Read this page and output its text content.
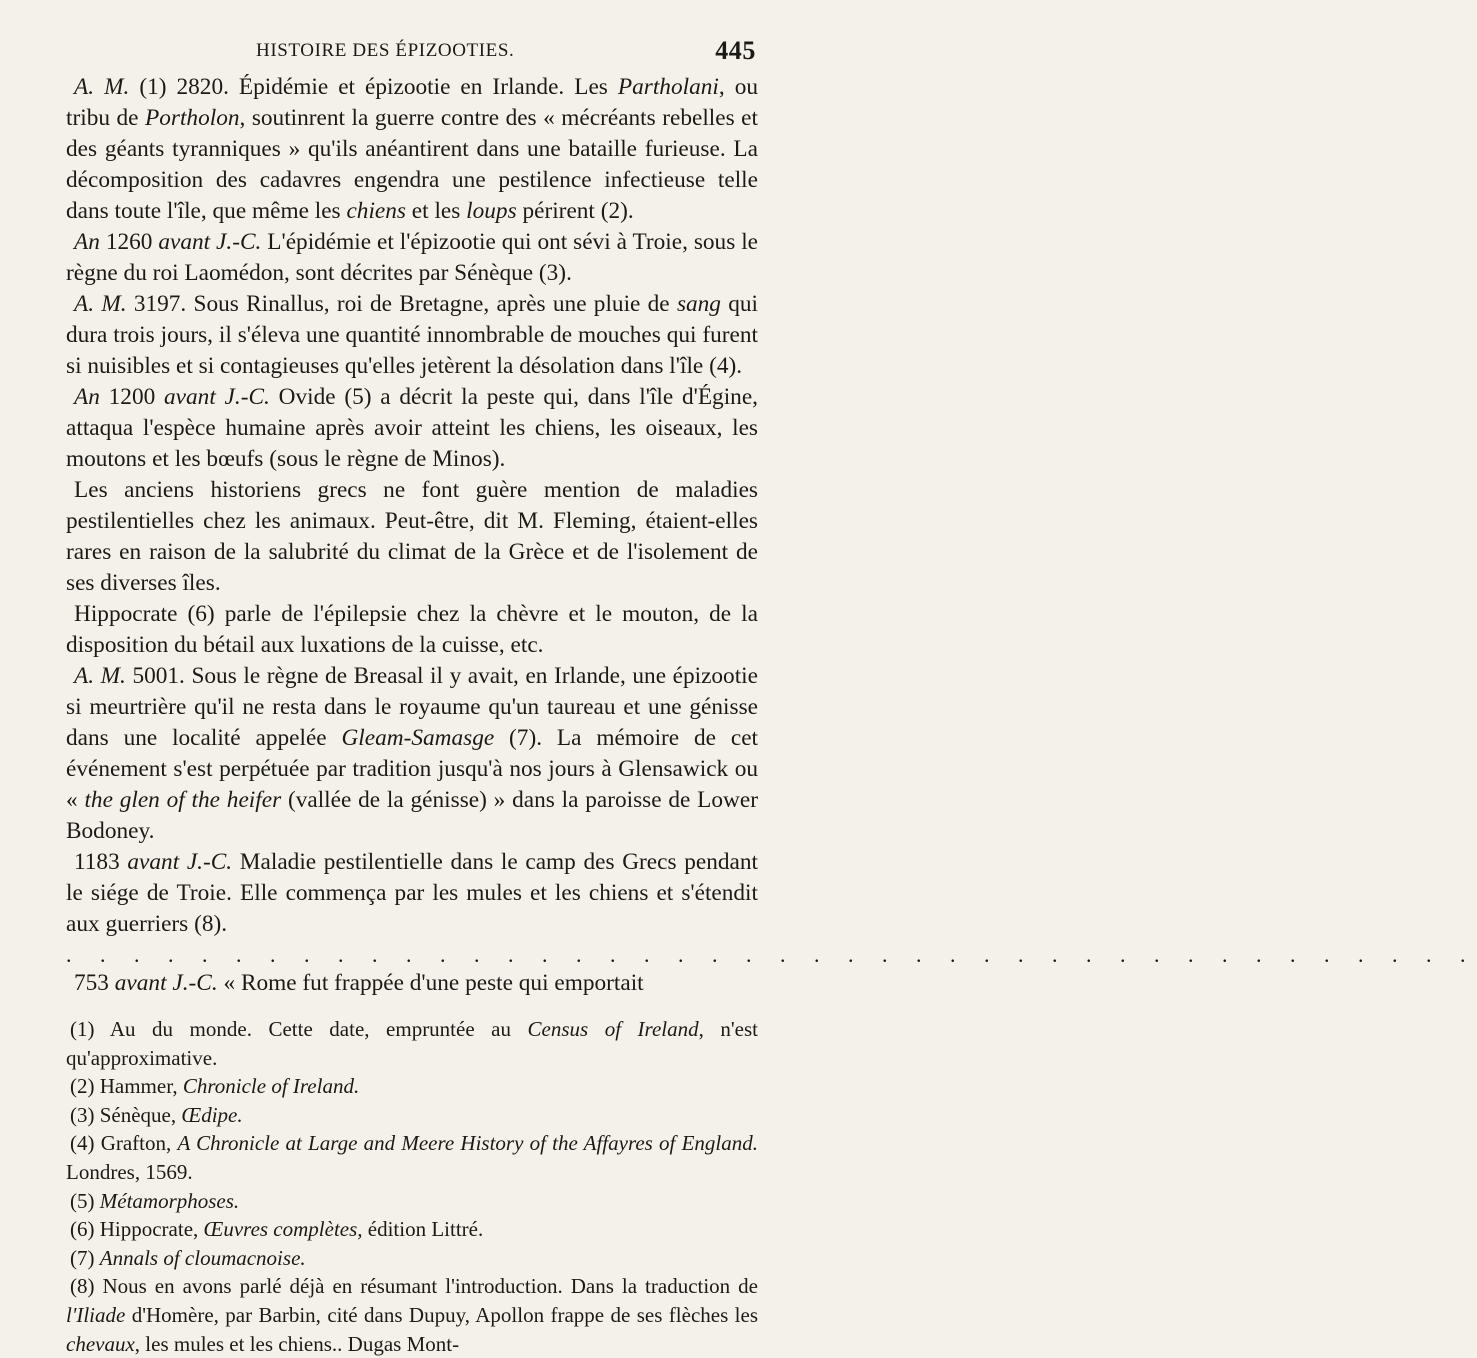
HISTOIRE DES ÉPIZOOTIES.	445

A. M. (1) 2820. Épidémie et épizootie en Irlande. Les Partholani, ou tribu de Portholon, soutinrent la guerre contre des « mécréants rebelles et des géants tyranniques » qu'ils anéantirent dans une bataille furieuse. La décomposition des cadavres engendra une pestilence infectieuse telle dans toute l'île, que même les chiens et les loups périrent (2).

An 1260 avant J.-C. L'épidémie et l'épizootie qui ont sévi à Troie, sous le règne du roi Laomédon, sont décrites par Sénèque (3).

A. M. 3197. Sous Rinallus, roi de Bretagne, après une pluie de sang qui dura trois jours, il s'éleva une quantité innombrable de mouches qui furent si nuisibles et si contagieuses qu'elles jetèrent la désolation dans l'île (4).

An 1200 avant J.-C. Ovide (5) a décrit la peste qui, dans l'île d'Égine, attaqua l'espèce humaine après avoir atteint les chiens, les oiseaux, les moutons et les bœufs (sous le règne de Minos).

Les anciens historiens grecs ne font guère mention de maladies pestilentielles chez les animaux. Peut-être, dit M. Fleming, étaient-elles rares en raison de la salubrité du climat de la Grèce et de l'isolement de ses diverses îles.

Hippocrate (6) parle de l'épilepsie chez la chèvre et le mouton, de la disposition du bétail aux luxations de la cuisse, etc.

A. M. 5001. Sous le règne de Breasal il y avait, en Irlande, une épizootie si meurtrière qu'il ne resta dans le royaume qu'un taureau et une génisse dans une localité appelée Gleam-Samasge (7). La mémoire de cet événement s'est perpétuée par tradition jusqu'à nos jours à Glensawick ou « the glen of the heifer (vallée de la génisse) » dans la paroisse de Lower Bodoney.

1183 avant J.-C. Maladie pestilentielle dans le camp des Grecs pendant le siége de Troie. Elle commença par les mules et les chiens et s'étendit aux guerriers (8).

. . . . . . . . . . . . . . . . . . . . . . . . . . . . . . . . . . . . . . . . . .

753 avant J.-C. « Rome fut frappée d'une peste qui emportait

(1) Au du monde. Cette date, empruntée au Census of Ireland, n'est qu'approximative.

(2) Hammer, Chronicle of Ireland.

(3) Sénèque, Œdipe.

(4) Grafton, A Chronicle at Large and Meere History of the Affayres of England. Londres, 1569.

(5) Métamorphoses.

(6) Hippocrate, Œuvres complètes, édition Littré.

(7) Annals of cloumacnoise.

(8) Nous en avons parlé déjà en résumant l'introduction. Dans la traduction de l'Iliade d'Homère, par Barbin, cité dans Dupuy, Apollon frappe de ses flèches les chevaux, les mules et les chiens.. Dugas Mont-
